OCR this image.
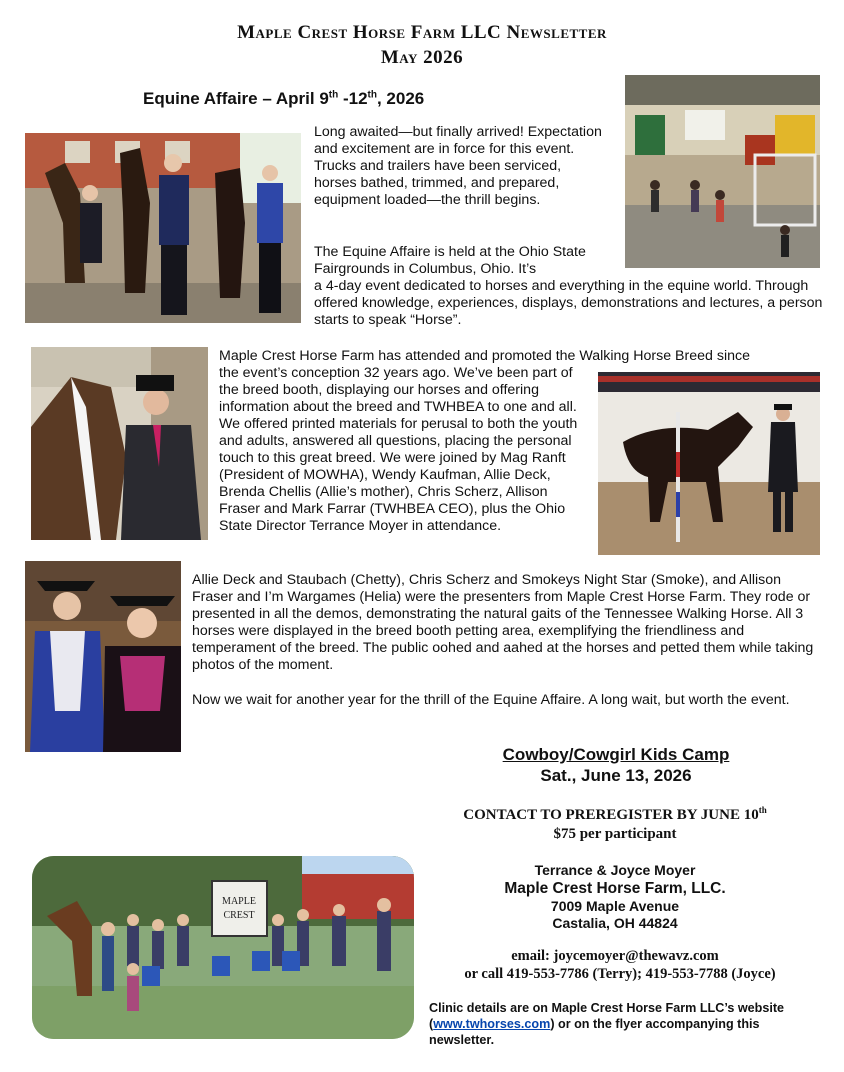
Maple Crest Horse Farm LLC Newsletter
May 2026
Equine Affaire – April 9th -12th, 2026

Long awaited—but finally arrived! Expectation and excitement are in force for this event. Trucks and trailers have been serviced, horses bathed, trimmed, and prepared, equipment loaded—the thrill begins.

The Equine Affaire is held at the Ohio State Fairgrounds in Columbus, Ohio. It’s

a 4-day event dedicated to horses and everything in the equine world. Through offered knowledge, experiences, displays, demonstrations and lectures, a person starts to speak “Horse”.

Maple Crest Horse Farm has attended and promoted the Walking Horse Breed since

the event’s conception 32 years ago. We’ve been part of the breed booth, displaying our horses and offering information about the breed and TWHBEA to one and all. We offered printed materials for perusal to both the youth and adults, answered all questions, placing the personal touch to this great breed. We were joined by Mag Ranft (President of MOWHA), Wendy Kaufman, Allie Deck, Brenda Chellis (Allie’s mother), Chris Scherz, Allison Fraser and Mark Farrar (TWHBEA CEO), plus the Ohio State Director Terrance Moyer in attendance.

Allie Deck and Staubach (Chetty), Chris Scherz and Smokeys Night Star (Smoke), and Allison Fraser and I’m Wargames (Helia) were the presenters from Maple Crest Horse Farm. They rode or presented in all the demos, demonstrating the natural gaits of the Tennessee Walking Horse. All 3 horses were displayed in the breed booth petting area, exemplifying the friendliness and temperament of the breed. The public oohed and aahed at the horses and petted them while taking photos of the moment.

Now we wait for another year for the thrill of the Equine Affaire. A long wait, but worth the event.

Cowboy/Cowgirl Kids Camp
Sat., June 13, 2026
CONTACT TO PREREGISTER BY JUNE 10th
$75 per participant
Terrance & Joyce Moyer
Maple Crest Horse Farm, LLC.
7009 Maple Avenue
Castalia, OH 44824
email: joycemoyer@thewavz.com
or call 419-553-7786 (Terry); 419-553-7788 (Joyce)
Clinic details are on Maple Crest Horse Farm LLC’s website (www.twhorses.com) or on the flyer accompanying this newsletter.
MAPLE
CREST
